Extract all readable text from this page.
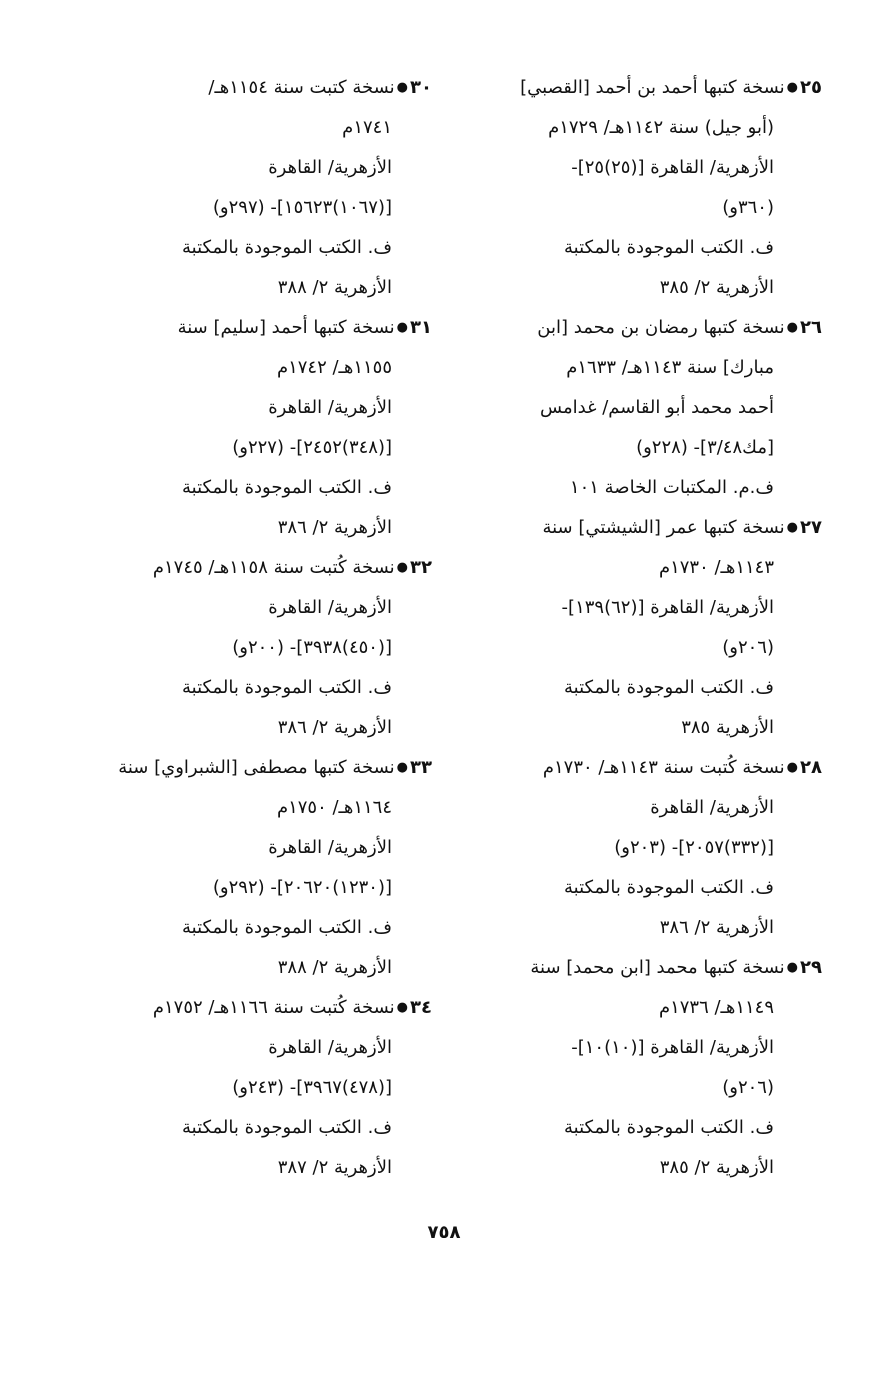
٢٥●نسخة كتبها أحمد بن أحمد [القصبي]
(أبو جيل) سنة ١١٤٢هـ/ ١٧٢٩م
الأزهرية/ القاهرة [(٢٥)٢٥]-
(٣٦٠و)
ف. الكتب الموجودة بالمكتبة
الأزهرية ٢/ ٣٨٥
٢٦●نسخة كتبها رمضان بن محمد [ابن
مبارك] سنة ١١٤٣هـ/ ١٦٣٣م
أحمد محمد أبو القاسم/ غدامس
[مك٣/٤٨]- (٢٢٨و)
ف.م. المكتبات الخاصة ١٠١
٢٧●نسخة كتبها عمر [الشيشتي] سنة
١١٤٣هـ/ ١٧٣٠م
الأزهرية/ القاهرة [(٦٢)١٣٩]-
(٢٠٦و)
ف. الكتب الموجودة بالمكتبة
الأزهرية ٣٨٥
٢٨●نسخة كُتبت سنة ١١٤٣هـ/ ١٧٣٠م
الأزهرية/ القاهرة
[(٣٣٢)٢٠٥٧]- (٢٠٣و)
ف. الكتب الموجودة بالمكتبة
الأزهرية ٢/ ٣٨٦
٢٩●نسخة كتبها محمد [ابن محمد] سنة
١١٤٩هـ/ ١٧٣٦م
الأزهرية/ القاهرة [(١٠)١٠]-
(٢٠٦و)
ف. الكتب الموجودة بالمكتبة
الأزهرية ٢/ ٣٨٥
٣٠●نسخة كتبت سنة ١١٥٤هـ/
١٧٤١م
الأزهرية/ القاهرة
[(١٠٦٧)١٥٦٢٣]- (٢٩٧و)
ف. الكتب الموجودة بالمكتبة
الأزهرية ٢/ ٣٨٨
٣١●نسخة كتبها أحمد [سليم] سنة
١١٥٥هـ/ ١٧٤٢م
الأزهرية/ القاهرة
[(٣٤٨)٢٤٥٢]- (٢٢٧و)
ف. الكتب الموجودة بالمكتبة
الأزهرية ٢/ ٣٨٦
٣٢●نسخة كُتبت سنة ١١٥٨هـ/ ١٧٤٥م
الأزهرية/ القاهرة
[(٤٥٠)٣٩٣٨]- (٢٠٠و)
ف. الكتب الموجودة بالمكتبة
الأزهرية ٢/ ٣٨٦
٣٣●نسخة كتبها مصطفى [الشبراوي] سنة
١١٦٤هـ/ ١٧٥٠م
الأزهرية/ القاهرة
[(١٢٣٠)٢٠٦٢٠]- (٢٩٢و)
ف. الكتب الموجودة بالمكتبة
الأزهرية ٢/ ٣٨٨
٣٤●نسخة كُتبت سنة ١١٦٦هـ/ ١٧٥٢م
الأزهرية/ القاهرة
[(٤٧٨)٣٩٦٧]- (٢٤٣و)
ف. الكتب الموجودة بالمكتبة
الأزهرية ٢/ ٣٨٧
٧٥٨
